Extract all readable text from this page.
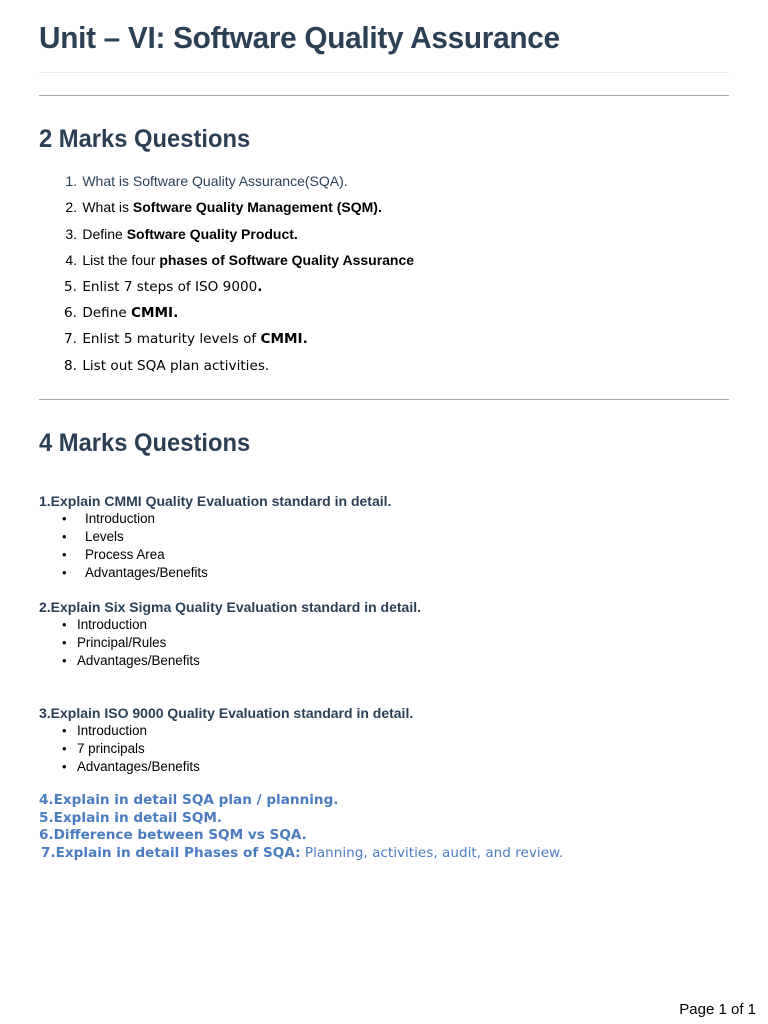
Unit – VI: Software Quality Assurance
2 Marks Questions
1. What is Software Quality Assurance(SQA).
2. What is Software Quality Management (SQM).
3. Define Software Quality Product.
4. List the four phases of Software Quality Assurance
5. Enlist 7 steps of ISO 9000.
6. Define CMMI.
7. Enlist 5 maturity levels of CMMI.
8. List out SQA plan activities.
4 Marks Questions
1.Explain CMMI Quality Evaluation standard in detail.
• Introduction
• Levels
• Process Area
• Advantages/Benefits
2.Explain Six Sigma Quality Evaluation standard in detail.
• Introduction
• Principal/Rules
• Advantages/Benefits
3.Explain ISO 9000 Quality Evaluation standard in detail.
• Introduction
• 7 principals
• Advantages/Benefits
4.Explain in detail SQA plan / planning.
5.Explain in detail SQM.
6.Difference between SQM vs SQA.
7.Explain in detail Phases of SQA: Planning, activities, audit, and review.
Page 1 of 1
